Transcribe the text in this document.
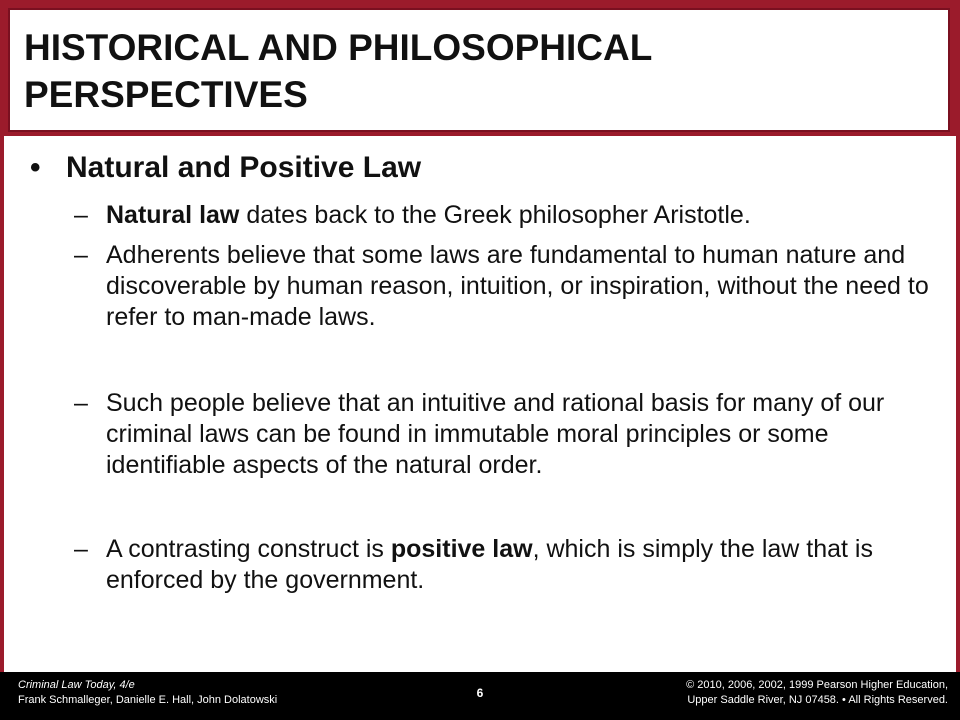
HISTORICAL AND PHILOSOPHICAL
PERSPECTIVES
• Natural and Positive Law
– Natural law dates back to the Greek philosopher Aristotle.
– Adherents believe that some laws are fundamental to human nature and discoverable by human reason, intuition, or inspiration, without the need to refer to man-made laws.
– Such people believe that an intuitive and rational basis for many of our criminal laws can be found in immutable moral principles or some identifiable aspects of the natural order.
– A contrasting construct is positive law, which is simply the law that is enforced by the government.
Criminal Law Today, 4/e
Frank Schmalleger, Danielle E. Hall, John Dolatowski	6
© 2010, 2006, 2002, 1999 Pearson Higher Education,
Upper Saddle River, NJ 07458. • All Rights Reserved.
